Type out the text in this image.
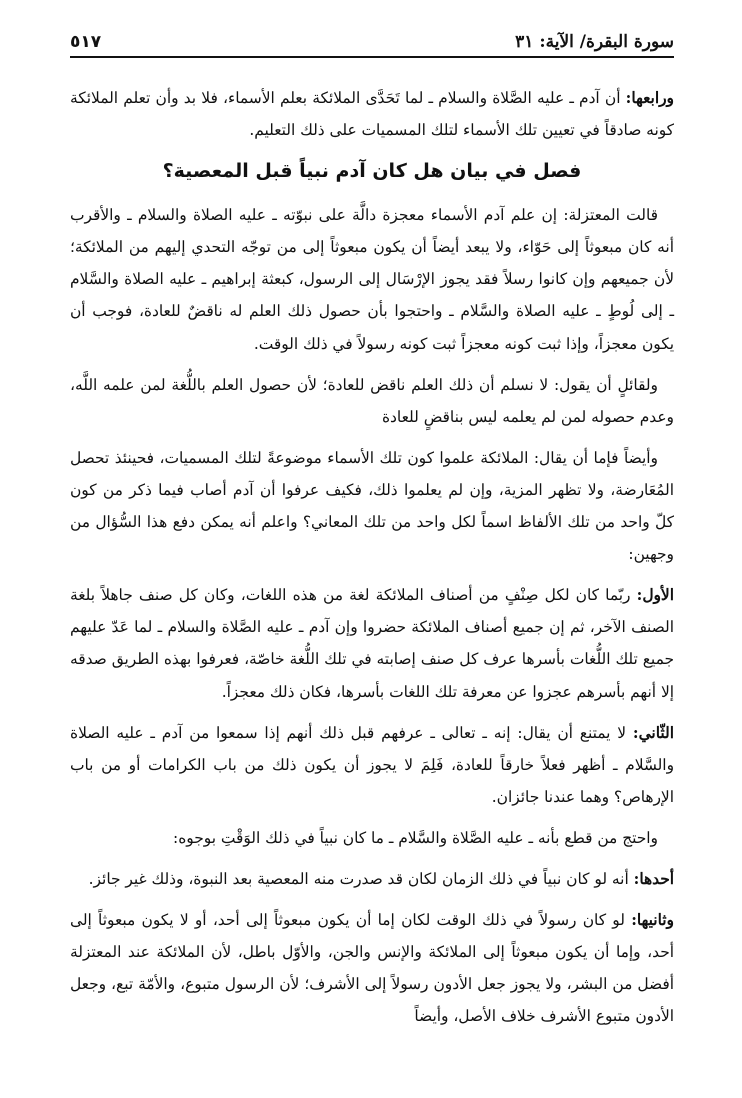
سورة البقرة/ الآية: ٣١
٥١٧

ورابعها: أن آدم ـ عليه الصَّلاة والسلام ـ لما تَحَدَّى الملائكة بعلم الأسماء، فلا بد وأن تعلم الملائكة كونه صادقاً في تعيين تلك الأسماء لتلك المسميات على ذلك التعليم.

فصل في بيان هل كان آدم نبياً قبل المعصية؟

قالت المعتزلة: إن علم آدم الأسماء معجزة دالَّة على نبوّته ـ عليه الصلاة والسلام ـ والأقرب أنه كان مبعوثاً إلى حَوّاء، ولا يبعد أيضاً أن يكون مبعوثاً إلى من توجّه التحدي إليهم من الملائكة؛ لأن جميعهم وإن كانوا رسلاً فقد يجوز الإرْسَال إلى الرسول، كبعثة إبراهيم ـ عليه الصلاة والسَّلام ـ إلى لُوطٍ ـ عليه الصلاة والسَّلام ـ واحتجوا بأن حصول ذلك العلم له ناقضٌ للعادة، فوجب أن يكون معجزاً، وإذا ثبت كونه معجزاً ثبت كونه رسولاً في ذلك الوقت.

ولقائلٍ أن يقول: لا نسلم أن ذلك العلم ناقض للعادة؛ لأن حصول العلم باللُّغة لمن علمه اللَّه، وعدم حصوله لمن لم يعلمه ليس بناقضٍ للعادة

وأيضاً فإما أن يقال: الملائكة علموا كون تلك الأسماء موضوعةً لتلك المسميات، فحينئذ تحصل المُعَارضة، ولا تظهر المزية، وإن لم يعلموا ذلك، فكيف عرفوا أن آدم أصاب فيما ذكر من كون كلّ واحد من تلك الألفاظ اسماً لكل واحد من تلك المعاني؟ واعلم أنه يمكن دفع هذا السُّؤال من وجهين:

الأول: ربّما كان لكل صِنْفٍ من أصناف الملائكة لغة من هذه اللغات، وكان كل صنف جاهلاً بلغة الصنف الآخر، ثم إن جميع أصناف الملائكة حضروا وإن آدم ـ عليه الصَّلاة والسلام ـ لما عَدّ عليهم جميع تلك اللُّغات بأسرها عرف كل صنف إصابته في تلك اللُّغة خاصّة، فعرفوا بهذه الطريق صدقه إلا أنهم بأسرهم عجزوا عن معرفة تلك اللغات بأسرها، فكان ذلك معجزاً.

الثّاني: لا يمتنع أن يقال: إنه ـ تعالى ـ عرفهم قبل ذلك أنهم إذا سمعوا من آدم ـ عليه الصلاة والسَّلام ـ أظهر فعلاً خارقاً للعادة، فَلِمَ لا يجوز أن يكون ذلك من باب الكرامات أو من باب الإرهاص؟ وهما عندنا جائزان.

واحتج من قطع بأنه ـ عليه الصَّلاة والسَّلام ـ ما كان نبياً في ذلك الوَقْتِ بوجوه:

أحدها: أنه لو كان نبياً في ذلك الزمان لكان قد صدرت منه المعصية بعد النبوة، وذلك غير جائز.

وثانيها: لو كان رسولاً في ذلك الوقت لكان إما أن يكون مبعوثاً إلى أحد، أو لا يكون مبعوثاً إلى أحد، وإما أن يكون مبعوثاً إلى الملائكة والإنس والجن، والأوّل باطل، لأن الملائكة عند المعتزلة أفضل من البشر، ولا يجوز جعل الأدون رسولاً إلى الأشرف؛ لأن الرسول متبوع، والأمّة تبع، وجعل الأدون متبوع الأشرف خلاف الأصل، وأيضاً
